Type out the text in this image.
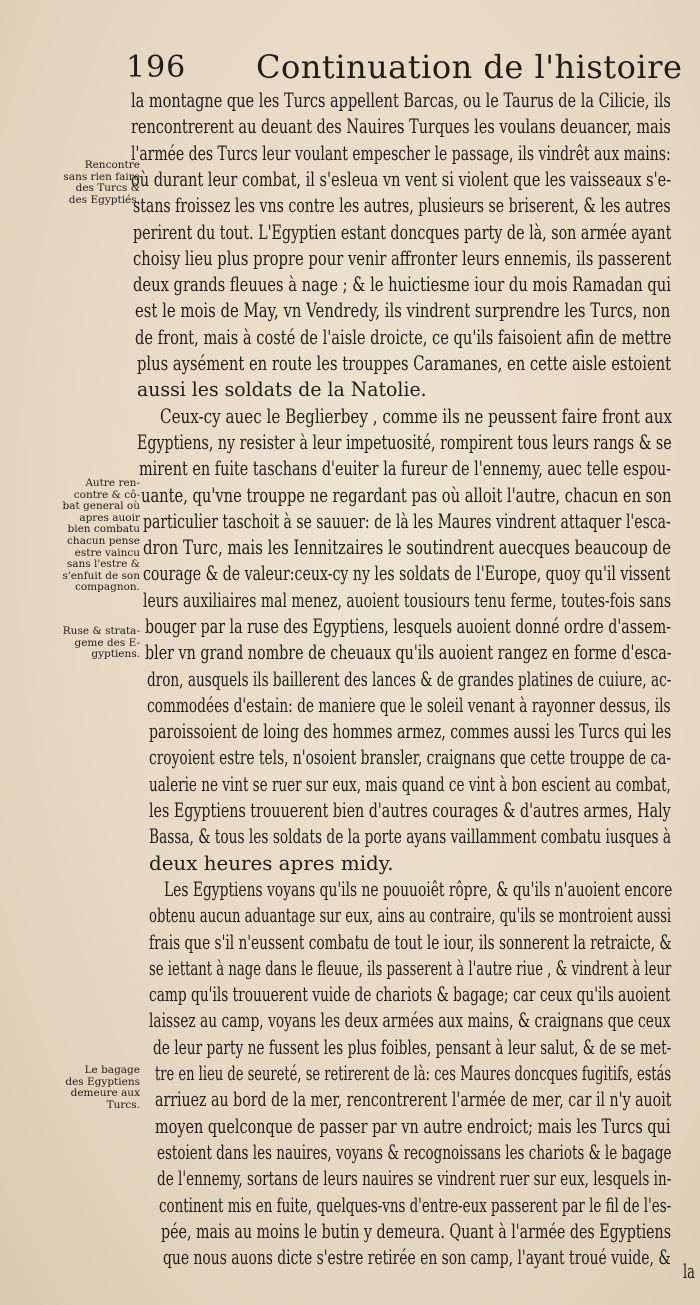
196 Continuation de l'histoire
la montagne que les Turcs appellent Barcas, ou le Taurus de la Cilicie, ils
rencontrerent au deuant des Nauires Turques les voulans deuancer, mais
l'armée des Turcs leur voulant empescher le passage, ils vindrêt aux mains:
où durant leur combat, il s'esleua vn vent si violent que les vaisseaux s'e-
stans froissez les vns contre les autres, plusieurs se briserent, & les autres
perirent du tout. L'Egyptien estant doncques party de là, son armée ayant
choisy lieu plus propre pour venir affronter leurs ennemis, ils passerent
deux grands fleuues à nage ; & le huictiesme iour du mois Ramadan qui
est le mois de May, vn Vendredy, ils vindrent surprendre les Turcs, non
de front, mais à costé de l'aisle droicte, ce qu'ils faisoient afin de mettre
plus aysément en route les trouppes Caramanes, en cette aisle estoient
aussi les soldats de la Natolie.
Ceux-cy auec le Beglierbey , comme ils ne peussent faire front aux
Egyptiens, ny resister à leur impetuosité, rompirent tous leurs rangs & se
mirent en fuite taschans d'euiter la fureur de l'ennemy, auec telle espou-
uante, qu'vne trouppe ne regardant pas où alloit l'autre, chacun en son
particulier taschoit à se sauuer: de là les Maures vindrent attaquer l'esca-
dron Turc, mais les Iennitzaires le soutindrent auecques beaucoup de
courage & de valeur:ceux-cy ny les soldats de l'Europe, quoy qu'il vissent
leurs auxiliaires mal menez, auoient tousiours tenu ferme, toutes-fois sans
bouger par la ruse des Egyptiens, lesquels auoient donné ordre d'assem-
bler vn grand nombre de cheuaux qu'ils auoient rangez en forme d'esca-
dron, ausquels ils baillerent des lances & de grandes platines de cuiure, ac-
commodées d'estain: de maniere que le soleil venant à rayonner dessus, ils
paroissoient de loing des hommes armez, commes aussi les Turcs qui les
croyoient estre tels, n'osoient bransler, craignans que cette trouppe de ca-
ualerie ne vint se ruer sur eux, mais quand ce vint à bon escient au combat,
les Egyptiens trouuerent bien d'autres courages & d'autres armes, Haly
Bassa, & tous les soldats de la porte ayans vaillamment combatu iusques à
deux heures apres midy.
Les Egyptiens voyans qu'ils ne pouuoiêt rôpre, & qu'ils n'auoient encore
obtenu aucun aduantage sur eux, ains au contraire, qu'ils se montroient aussi
frais que s'il n'eussent combatu de tout le iour, ils sonnerent la retraicte, &
se iettant à nage dans le fleuue, ils passerent à l'autre riue , & vindrent à leur
camp qu'ils trouuerent vuide de chariots & bagage; car ceux qu'ils auoient
laissez au camp, voyans les deux armées aux mains, & craignans que ceux
de leur party ne fussent les plus foibles, pensant à leur salut, & de se met-
tre en lieu de seureté, se retirerent de là: ces Maures doncques fugitifs, estás
arriuez au bord de la mer, rencontrerent l'armée de mer, car il n'y auoit
moyen quelconque de passer par vn autre endroict; mais les Turcs qui
estoient dans les nauires, voyans & recognoissans les chariots & le bagage
de l'ennemy, sortans de leurs nauires se vindrent ruer sur eux, lesquels in-
continent mis en fuite, quelques-vns d'entre-eux passerent par le fil de l'es-
pée, mais au moins le butin y demeura. Quant à l'armée des Egyptiens
que nous auons dicte s'estre retirée en son camp, l'ayant troué vuide, &
la
Rencontre
sans rien faire
des Turcs &
des Egyptiés.
Autre ren-
contre & cô-
bat general où
apres auoir
bien combatu
chacun pense
estre vaincu
sans l'estre &
s'enfuit de son
compagnon.
Ruse & strata-
geme des E-
gyptiens.
Le bagage
des Egyptiens
demeure aux
Turcs.
